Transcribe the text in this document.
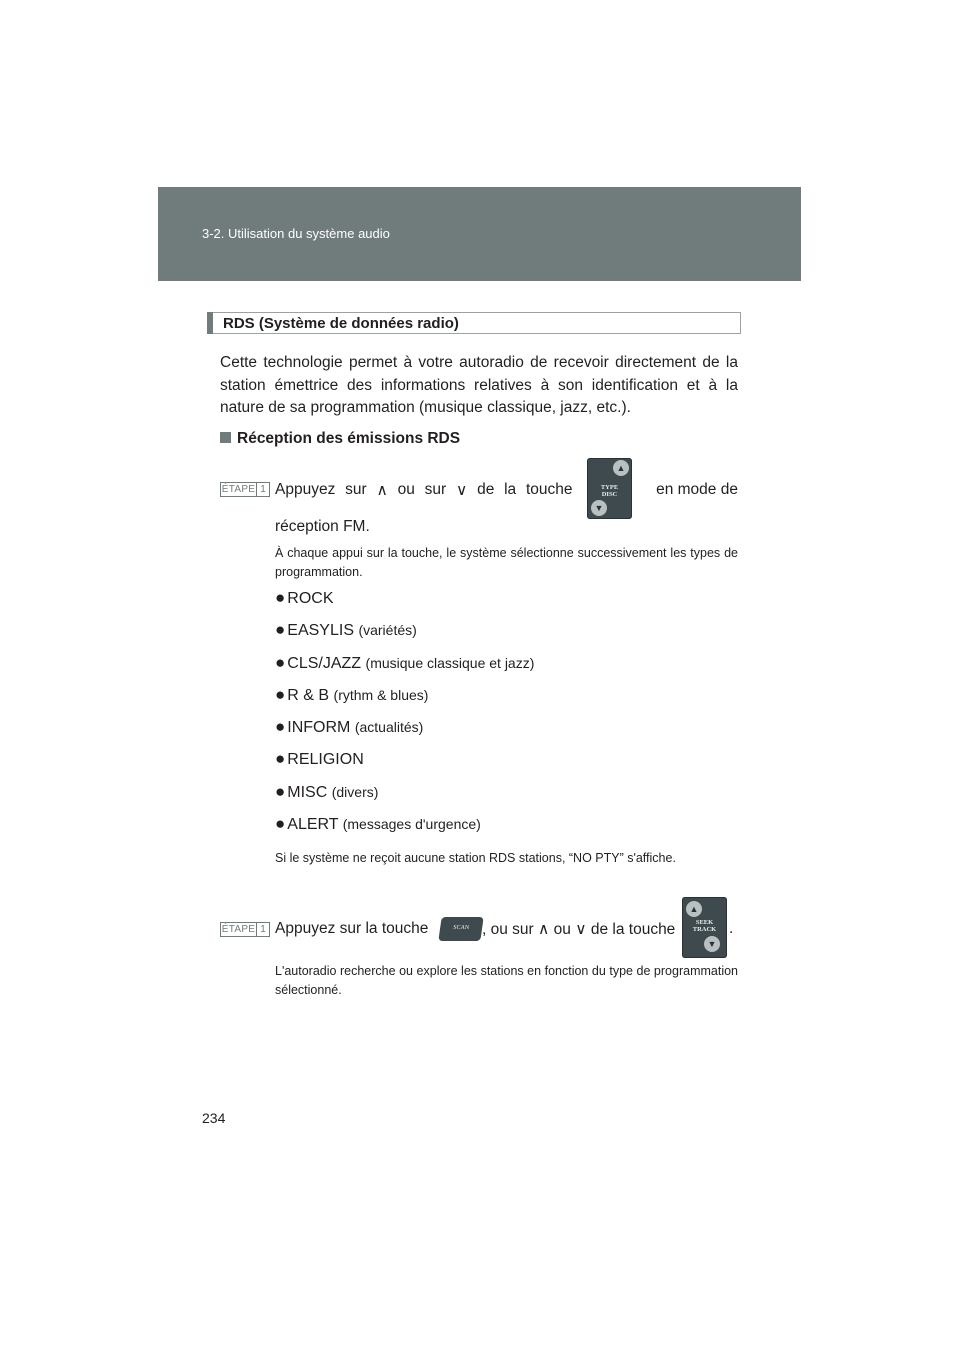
3-2. Utilisation du système audio
RDS (Système de données radio)

Cette technologie permet à votre autoradio de recevoir directement de la station émettrice des informations relatives à son identification et à la nature de sa programmation (musique classique, jazz, etc.).

Réception des émissions RDS
ÉTAPE 1 Appuyez sur ∧ ou sur ∨ de la touche	en mode de
▲
TYPE
DISC
▼
réception FM.

À chaque appui sur la touche, le système sélectionne successivement les types de programmation.

● ROCK
● EASYLIS (variétés)
● CLS/JAZZ (musique classique et jazz)
● R & B (rythm & blues)
● INFORM (actualités)
● RELIGION
● MISC (divers)
● ALERT (messages d'urgence)

Si le système ne reçoit aucune station RDS stations, “NO PTY” s'affiche.

ÉTAPE 1 Appuyez sur la touche	SCAN , ou sur ∧ ou ∨ de la touche
▲
SEEK
TRACK
▼
.

L'autoradio recherche ou explore les stations en fonction du type de programmation sélectionné.

234
